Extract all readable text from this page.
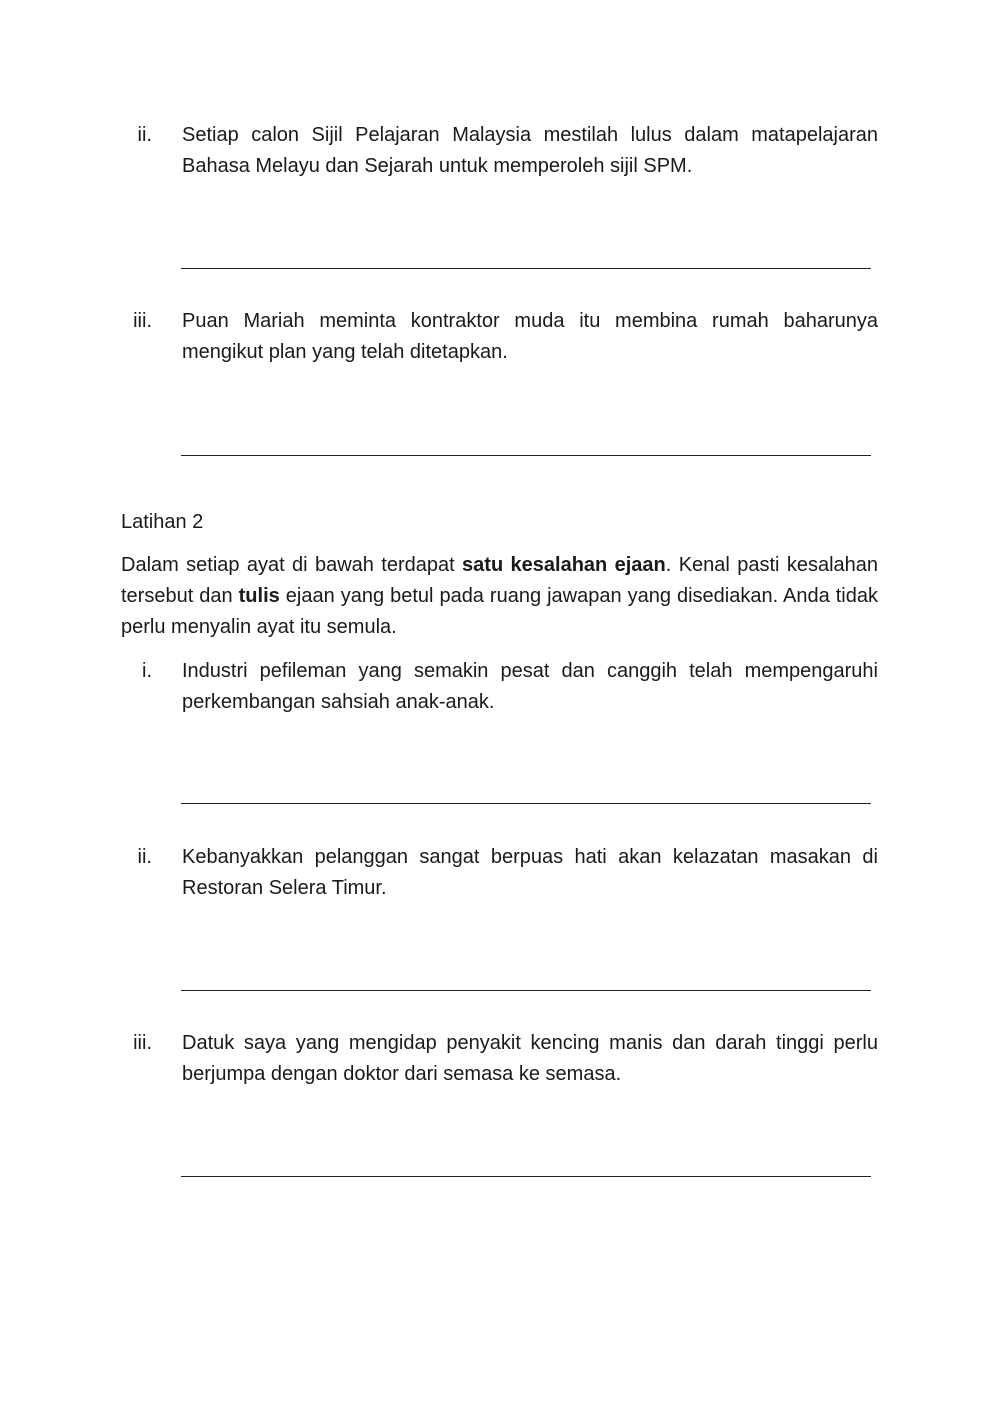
ii. Setiap calon Sijil Pelajaran Malaysia mestilah lulus dalam matapelajaran Bahasa Melayu dan Sejarah untuk memperoleh sijil SPM.
iii. Puan Mariah meminta kontraktor muda itu membina rumah baharunya mengikut plan yang telah ditetapkan.
Latihan 2
Dalam setiap ayat di bawah terdapat satu kesalahan ejaan. Kenal pasti kesalahan tersebut dan tulis ejaan yang betul pada ruang jawapan yang disediakan. Anda tidak perlu menyalin ayat itu semula.
i. Industri pefileman yang semakin pesat dan canggih telah mempengaruhi perkembangan sahsiah anak-anak.
ii. Kebanyakkan pelanggan sangat berpuas hati akan kelazatan masakan di Restoran Selera Timur.
iii. Datuk saya yang mengidap penyakit kencing manis dan darah tinggi perlu berjumpa dengan doktor dari semasa ke semasa.
